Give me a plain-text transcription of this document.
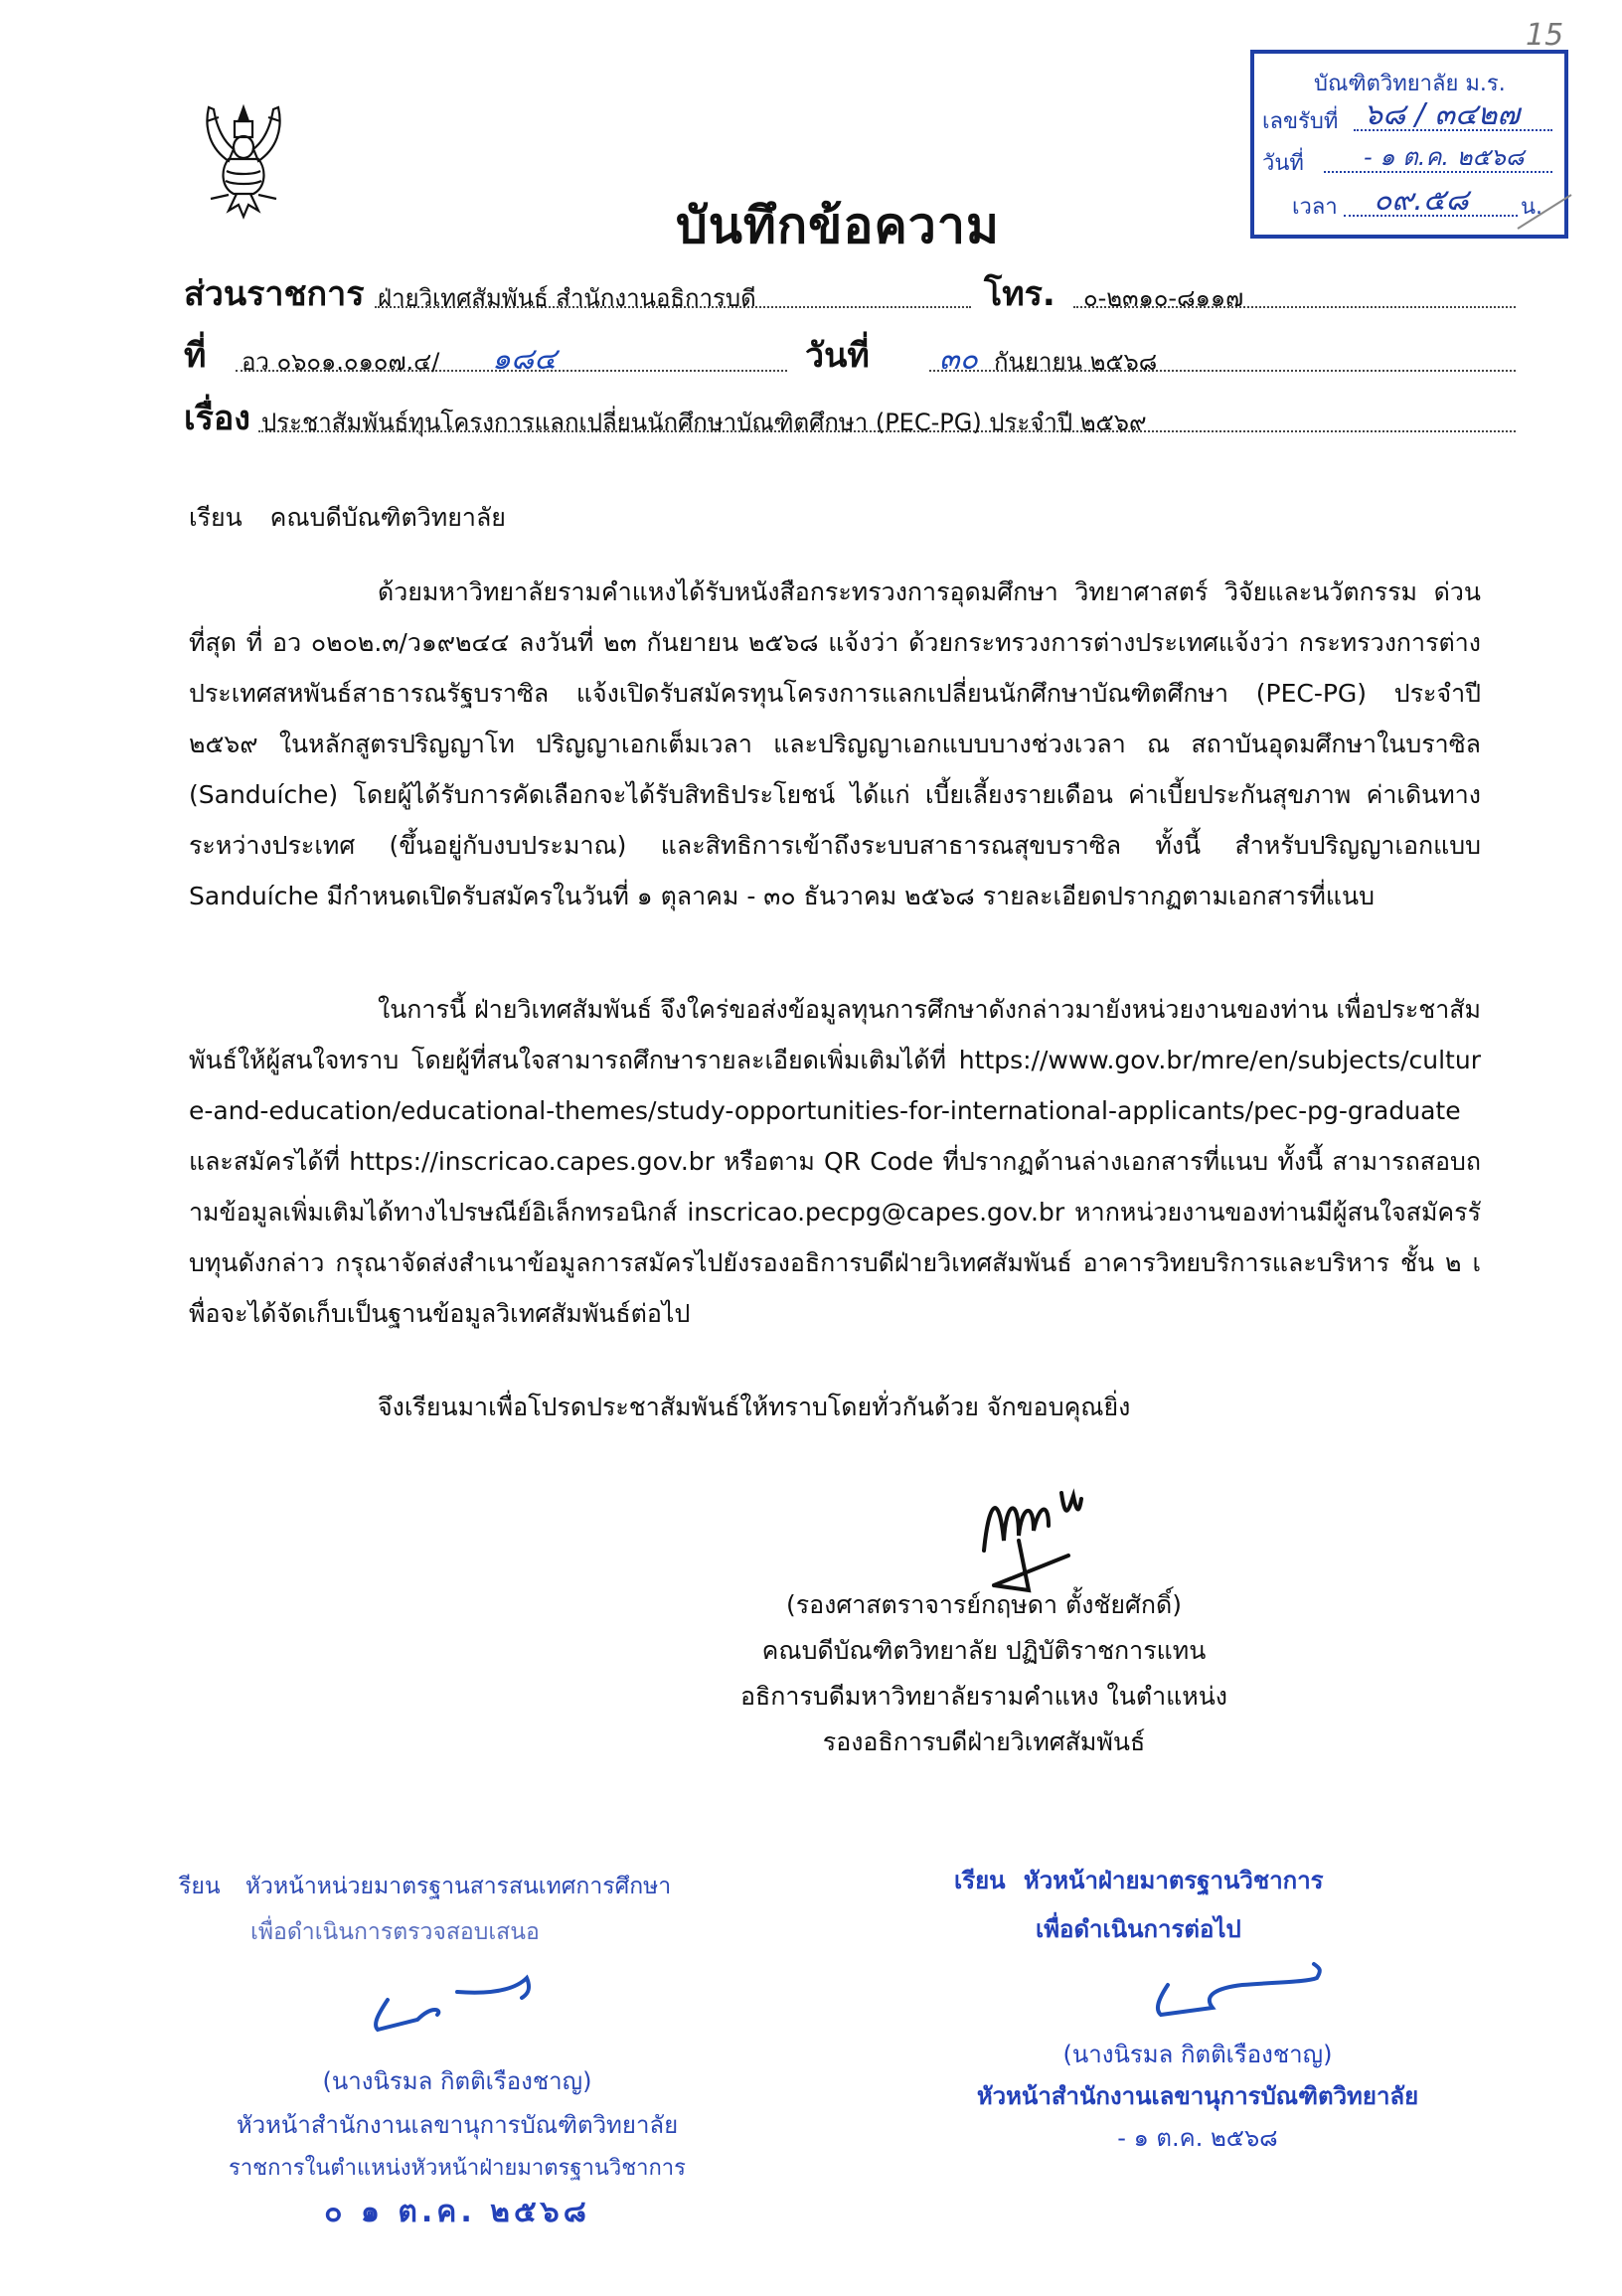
15
บันทึกข้อความ
บัณฑิตวิทยาลัย ม.ร.
เลขรับที่ ๖๘ / ๓๔๒๗
วันที่	- ๑ ต.ค. ๒๕๖๘
เวลา ๐๙.๕๘ น.
ส่วนราชการ ฝ่ายวิเทศสัมพันธ์ สำนักงานอธิการบดี	โทร. ๐-๒๓๑๐-๘๑๑๗
ที่ อว ๐๖๐๑.๐๑๐๗.๔/ ๑๘๔	วันที่ ๓๐ กันยายน ๒๕๖๘
เรื่อง ประชาสัมพันธ์ทุนโครงการแลกเปลี่ยนนักศึกษาบัณฑิตศึกษา (PEC-PG) ประจำปี ๒๕๖๙
เรียน คณบดีบัณฑิตวิทยาลัย
ด้วยมหาวิทยาลัยรามคำแหงได้รับหนังสือกระทรวงการอุดมศึกษา วิทยาศาสตร์ วิจัยและนวัตกรรม ด่วนที่สุด ที่ อว ๐๒๐๒.๓/ว๑๙๒๔๔ ลงวันที่ ๒๓ กันยายน ๒๕๖๘ แจ้งว่า ด้วยกระทรวงการต่างประเทศแจ้งว่า กระทรวงการต่างประเทศสหพันธ์สาธารณรัฐบราซิล แจ้งเปิดรับสมัครทุนโครงการแลกเปลี่ยนนักศึกษาบัณฑิตศึกษา (PEC-PG) ประจำปี ๒๕๖๙ ในหลักสูตรปริญญาโท ปริญญาเอกเต็มเวลา และปริญญาเอกแบบบางช่วงเวลา ณ สถาบันอุดมศึกษาในบราซิล (Sanduíche) โดยผู้ได้รับการคัดเลือกจะได้รับสิทธิประโยชน์ ได้แก่ เบี้ยเลี้ยงรายเดือน ค่าเบี้ยประกันสุขภาพ ค่าเดินทางระหว่างประเทศ (ขึ้นอยู่กับงบประมาณ) และสิทธิการเข้าถึงระบบสาธารณสุขบราซิล ทั้งนี้ สำหรับปริญญาเอกแบบ Sanduíche มีกำหนดเปิดรับสมัครในวันที่ ๑ ตุลาคม - ๓๐ ธันวาคม ๒๕๖๘ รายละเอียดปรากฏตามเอกสารที่แนบ
ในการนี้ ฝ่ายวิเทศสัมพันธ์ จึงใคร่ขอส่งข้อมูลทุนการศึกษาดังกล่าวมายังหน่วยงานของท่าน เพื่อประชาสัมพันธ์ให้ผู้สนใจทราบ โดยผู้ที่สนใจสามารถศึกษารายละเอียดเพิ่มเติมได้ที่ https://www.gov.br/mre/en/subjects/culture-and-education/educational-themes/study-opportunities-for-international-applicants/pec-pg-graduate และสมัครได้ที่ https://inscricao.capes.gov.br หรือตาม QR Code ที่ปรากฏด้านล่างเอกสารที่แนบ ทั้งนี้ สามารถสอบถามข้อมูลเพิ่มเติมได้ทางไปรษณีย์อิเล็กทรอนิกส์ inscricao.pecpg@capes.gov.br หากหน่วยงานของท่านมีผู้สนใจสมัครรับทุนดังกล่าว กรุณาจัดส่งสำเนาข้อมูลการสมัครไปยังรองอธิการบดีฝ่ายวิเทศสัมพันธ์ อาคารวิทยบริการและบริหาร ชั้น ๒ เพื่อจะได้จัดเก็บเป็นฐานข้อมูลวิเทศสัมพันธ์ต่อไป
จึงเรียนมาเพื่อโปรดประชาสัมพันธ์ให้ทราบโดยทั่วกันด้วย จักขอบคุณยิ่ง
(รองศาสตราจารย์กฤษดา ตั้งชัยศักดิ์)
คณบดีบัณฑิตวิทยาลัย ปฏิบัติราชการแทน
อธิการบดีมหาวิทยาลัยรามคำแหง ในตำแหน่ง
รองอธิการบดีฝ่ายวิเทศสัมพันธ์
รียน หัวหน้าหน่วยมาตรฐานสารสนเทศการศึกษา
เพื่อดำเนินการตรวจสอบเสนอ
(นางนิรมล กิตติเรืองชาญ)
หัวหน้าสำนักงานเลขานุการบัณฑิตวิทยาลัย
ราชการในตำแหน่งหัวหน้าฝ่ายมาตรฐานวิชาการ
๐ ๑ ต.ค. ๒๕๖๘
เรียน หัวหน้าฝ่ายมาตรฐานวิชาการ
เพื่อดำเนินการต่อไป
(นางนิรมล กิตติเรืองชาญ)
หัวหน้าสำนักงานเลขานุการบัณฑิตวิทยาลัย
- ๑ ต.ค. ๒๕๖๘
